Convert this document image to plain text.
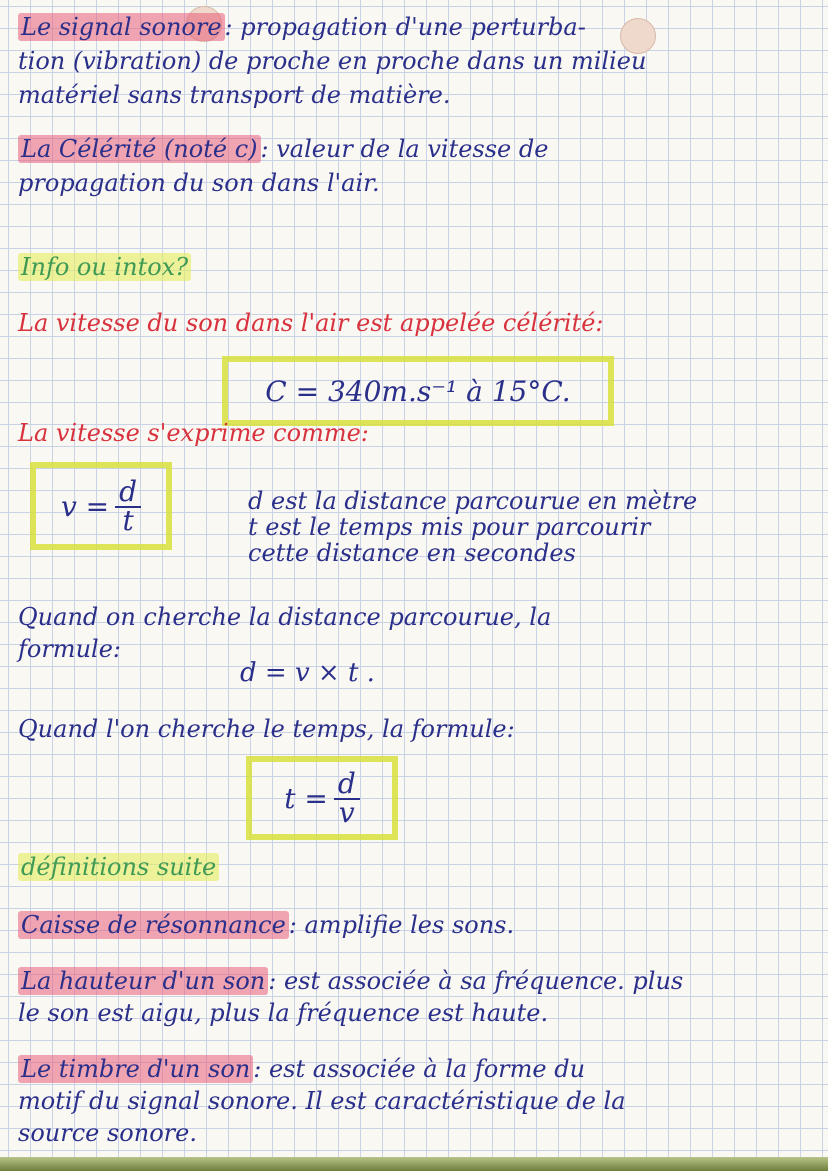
Le signal sonore : propagation d'une perturba-
tion (vibration) de proche en proche dans un milieu
matériel sans transport de matière.
La Célérité (noté c) : valeur de la vitesse de
propagation du son dans l'air.
Info ou intox?
La vitesse du son dans l'air est appelée célérité:
C = 340m.s⁻¹ à 15°C.
La vitesse s'exprime comme:
$v = \frac{d}{t}$	d est la distance parcourue en mètre
t est le temps mis pour parcourir
cette distance en secondes
Quand on cherche la distance parcourue, la
formule:
d = v × t .
Quand l'on cherche le temps, la formule:
$t = \frac{d}{v}$
définitions suite
Caisse de résonnance : amplifie les sons.
La hauteur d'un son : est associée à sa fréquence. plus
le son est aigu, plus la fréquence est haute.
Le timbre d'un son : est associée à la forme du
motif du signal sonore. Il est caractéristique de la
source sonore.
